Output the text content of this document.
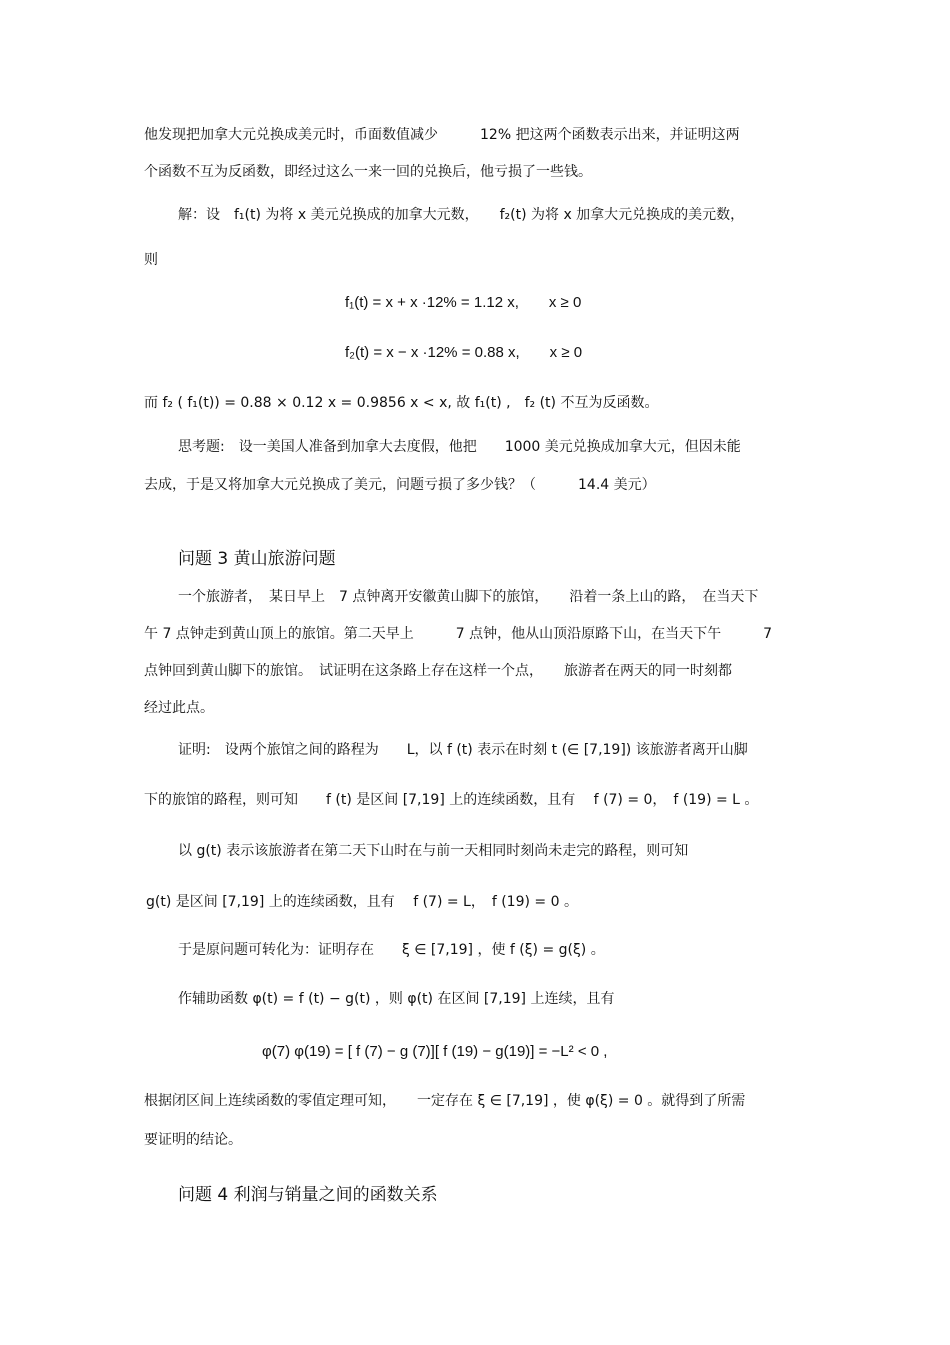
他发现把加拿大元兑换成美元时，币面数值减少　　　12% 把这两个函数表示出来，并证明这两
个函数不互为反函数，即经过这么一来一回的兑换后，他亏损了一些钱。
解：设　f₁(t) 为将 x 美元兑换成的加拿大元数，　　f₂(t) 为将 x 加拿大元兑换成的美元数，
则
f₁(t) = x + x ·12% = 1.12 x,　　x ≥ 0
f₂(t) = x − x ·12% = 0.88 x,　　x ≥ 0
而 f₂ ( f₁(t)) = 0.88 × 0.12 x = 0.9856 x < x, 故 f₁(t) ,　f₂ (t) 不互为反函数。
思考题:　设一美国人准备到加拿大去度假，他把　　1000 美元兑换成加拿大元，但因未能
去成，于是又将加拿大元兑换成了美元，问题亏损了多少钱？（　　　14.4 美元）
问题 3 黄山旅游问题
一个旅游者，　某日早上　7 点钟离开安徽黄山脚下的旅馆，　　沿着一条上山的路，　在当天下
午 7 点钟走到黄山顶上的旅馆。第二天早上　　　7 点钟，他从山顶沿原路下山，在当天下午　　　7
点钟回到黄山脚下的旅馆。　试证明在这条路上存在这样一个点，　　旅游者在两天的同一时刻都
经过此点。
证明:　设两个旅馆之间的路程为　　L，以 f (t) 表示在时刻 t (∈ [7,19]) 该旅游者离开山脚
下的旅馆的路程，则可知　　f (t) 是区间 [7,19] 上的连续函数，且有　 f (7) = 0，　f (19) = L 。
以 g(t) 表示该旅游者在第二天下山时在与前一天相同时刻尚未走完的路程，则可知
g(t) 是区间 [7,19] 上的连续函数，且有　 f (7) = L，　f (19) = 0 。
于是原问题可转化为：证明存在　　ξ ∈ [7,19] ，使 f (ξ) = g(ξ) 。
作辅助函数 φ(t) = f (t) − g(t) ，则 φ(t) 在区间 [7,19] 上连续，且有
φ(7) φ(19) = [ f (7) − g (7)][ f (19) − g(19)] = −L² < 0 ,
根据闭区间上连续函数的零值定理可知，　　一定存在 ξ ∈ [7,19] ，使 φ(ξ) = 0 。就得到了所需
要证明的结论。
问题 4 利润与销量之间的函数关系
